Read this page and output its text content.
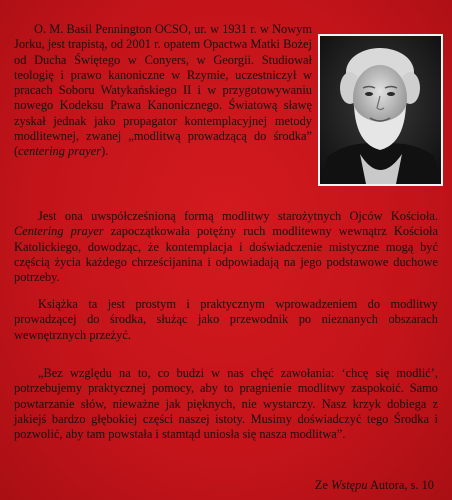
O. M. Basil Pennington OCSO, ur. w 1931 r. w Nowym Jorku, jest trapistą, od 2001 r. opatem Opactwa Matki Bożej od Ducha Świętego w Conyers, w Georgii. Studiował teologię i prawo kanoniczne w Rzymie, uczestniczył w pracach Soboru Watykańskiego II i w przygotowywaniu nowego Kodeksu Prawa Kanonicznego. Światową sławę zyskał jednak jako propagator kontemplacyjnej metody modlitewnej, zwanej „modlitwą prowadzącą do środka” (centering prayer).
Jest ona uwspółcześnioną formą modlitwy starożytnych Ojców Kościoła. Centering prayer zapoczątkowała potężny ruch modlitewny wewnątrz Kościoła Katolickiego, dowodząc, że kontemplacja i doświadczenie mistyczne mogą być częścią życia każdego chrześcijanina i odpowiadają na jego podstawowe duchowe potrzeby.
Książka ta jest prostym i praktycznym wprowadzeniem do modlitwy prowadzącej do środka, służąc jako przewodnik po nieznanych obszarach wewnętrznych przeżyć.
„Bez względu na to, co budzi w nas chęć zawołania: ‘chcę się modlić’, potrzebujemy praktycznej pomocy, aby to pragnienie modlitwy zaspokoić. Samo powtarzanie słów, nieważne jak pięknych, nie wystarczy. Nasz krzyk dobiega z jakiejś bardzo głębokiej części naszej istoty. Musimy doświadczyć tego Środka i pozwolić, aby tam powstała i stamtąd uniosła się nasza modlitwa”.
Ze Wstępu Autora, s. 10
